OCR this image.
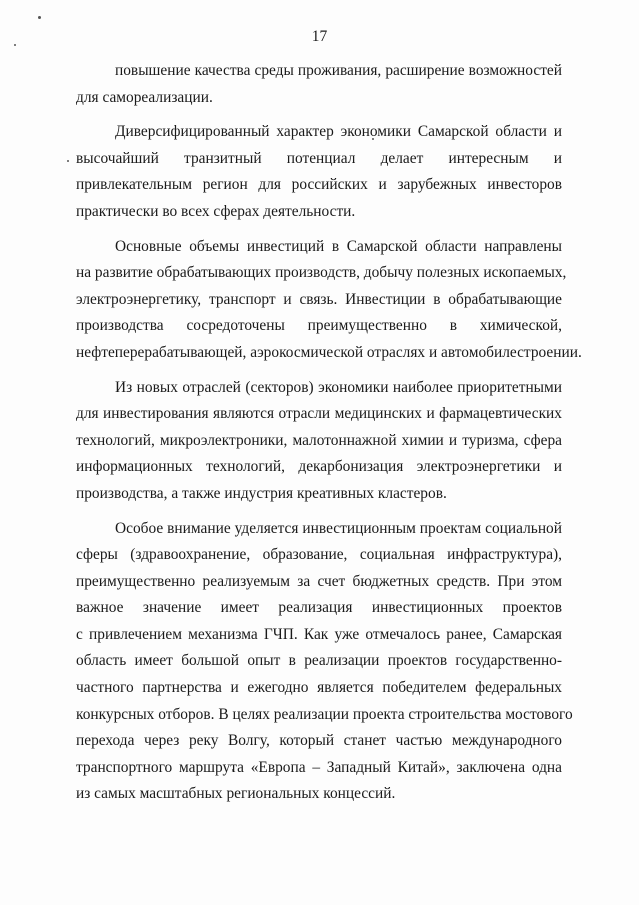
17
повышение качества среды проживания, расширение возможностей
для самореализации.
Диверсифицированный характер экономики Самарской области и
высочайший транзитный потенциал делает интересным и
привлекательным регион для российских и зарубежных инвесторов
практически во всех сферах деятельности.
Основные объемы инвестиций в Самарской области направлены
на развитие обрабатывающих производств, добычу полезных ископаемых,
электроэнергетику, транспорт и связь. Инвестиции в обрабатывающие
производства сосредоточены преимущественно в химической,
нефтеперерабатывающей, аэрокосмической отраслях и автомобилестроении.
Из новых отраслей (секторов) экономики наиболее приоритетными
для инвестирования являются отрасли медицинских и фармацевтических
технологий, микроэлектроники, малотоннажной химии и туризма, сфера
информационных технологий, декарбонизация электроэнергетики и
производства, а также индустрия креативных кластеров.
Особое внимание уделяется инвестиционным проектам социальной
сферы (здравоохранение, образование, социальная инфраструктура),
преимущественно реализуемым за счет бюджетных средств. При этом
важное значение имеет реализация инвестиционных проектов
с привлечением механизма ГЧП. Как уже отмечалось ранее, Самарская
область имеет большой опыт в реализации проектов государственно-
частного партнерства и ежегодно является победителем федеральных
конкурсных отборов. В целях реализации проекта строительства мостового
перехода через реку Волгу, который станет частью международного
транспортного маршрута «Европа – Западный Китай», заключена одна
из самых масштабных региональных концессий.
